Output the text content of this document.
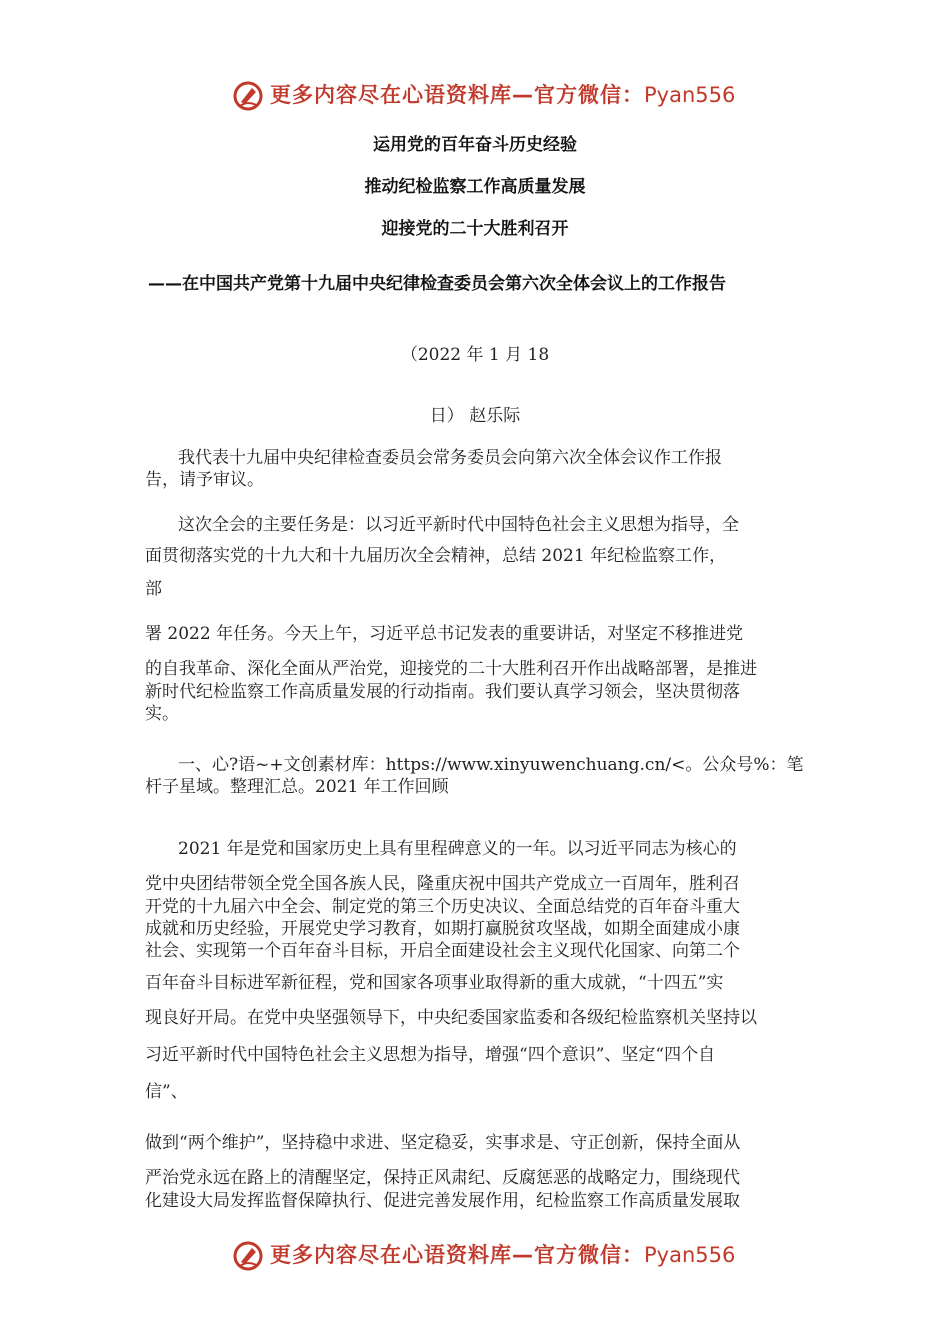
更多内容尽在心语资料库—官方微信：Pyan556
运用党的百年奋斗历史经验
推动纪检监察工作高质量发展
迎接党的二十大胜利召开
——在中国共产党第十九届中央纪律检查委员会第六次全体会议上的工作报告
（2022 年 1 月 18
日） 赵乐际
我代表十九届中央纪律检查委员会常务委员会向第六次全体会议作工作报
告，请予审议。
这次全会的主要任务是：以习近平新时代中国特色社会主义思想为指导，全
面贯彻落实党的十九大和十九届历次全会精神，总结 2021 年纪检监察工作，
部
署 2022 年任务。今天上午，习近平总书记发表的重要讲话，对坚定不移推进党
的自我革命、深化全面从严治党，迎接党的二十大胜利召开作出战略部署，是推进
新时代纪检监察工作高质量发展的行动指南。我们要认真学习领会，坚决贯彻落
实。
一、心?语~+文创素材库：https://www.xinyuwenchuang.cn/<。公众号%：笔
杆子星域。整理汇总。2021 年工作回顾
2021 年是党和国家历史上具有里程碑意义的一年。以习近平同志为核心的
党中央团结带领全党全国各族人民，隆重庆祝中国共产党成立一百周年，胜利召
开党的十九届六中全会、制定党的第三个历史决议、全面总结党的百年奋斗重大
成就和历史经验，开展党史学习教育，如期打赢脱贫攻坚战，如期全面建成小康
社会、实现第一个百年奋斗目标，开启全面建设社会主义现代化国家、向第二个
百年奋斗目标进军新征程，党和国家各项事业取得新的重大成就，“十四五”实
现良好开局。在党中央坚强领导下，中央纪委国家监委和各级纪检监察机关坚持以
习近平新时代中国特色社会主义思想为指导，增强“四个意识”、坚定“四个自
信”、
做到“两个维护”，坚持稳中求进、坚定稳妥，实事求是、守正创新，保持全面从
严治党永远在路上的清醒坚定，保持正风肃纪、反腐惩恶的战略定力，围绕现代
化建设大局发挥监督保障执行、促进完善发展作用，纪检监察工作高质量发展取
更多内容尽在心语资料库—官方微信：Pyan556
